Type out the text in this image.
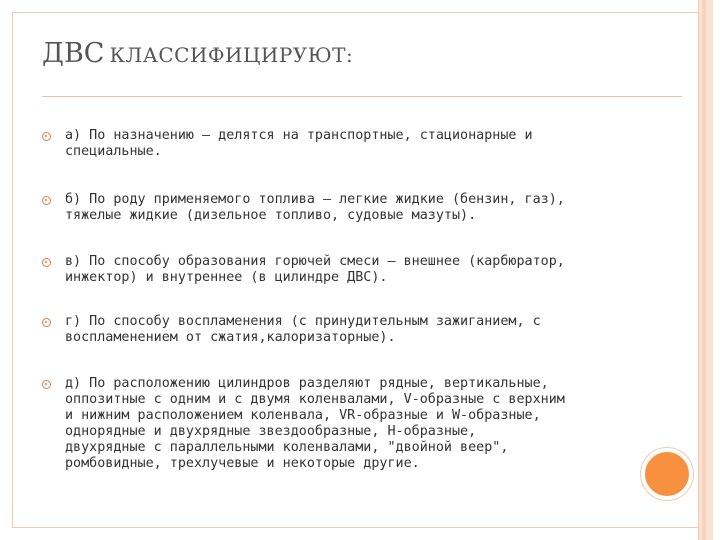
ДВС КЛАССИФИЦИРУЮТ:
а) По назначению — делятся на транспортные, стационарные и
специальные.
б) По роду применяемого топлива — легкие жидкие (бензин, газ),
тяжелые жидкие (дизельное топливо, судовые мазуты).
в) По способу образования горючей смеси — внешнее (карбюратор,
инжектор) и внутреннее (в цилиндре ДВС).
г) По способу воспламенения (с принудительным зажиганием, с
воспламенением от сжатия,калоризаторные).
д) По расположению цилиндров разделяют рядные, вертикальные,
оппозитные с одним и с двумя коленвалами, V-образные с верхним
и нижним расположением коленвала, VR-образные и W-образные,
однорядные и двухрядные звездообразные, H-образные,
двухрядные с параллельными коленвалами, "двойной веер",
ромбовидные, трехлучевые и некоторые другие.
